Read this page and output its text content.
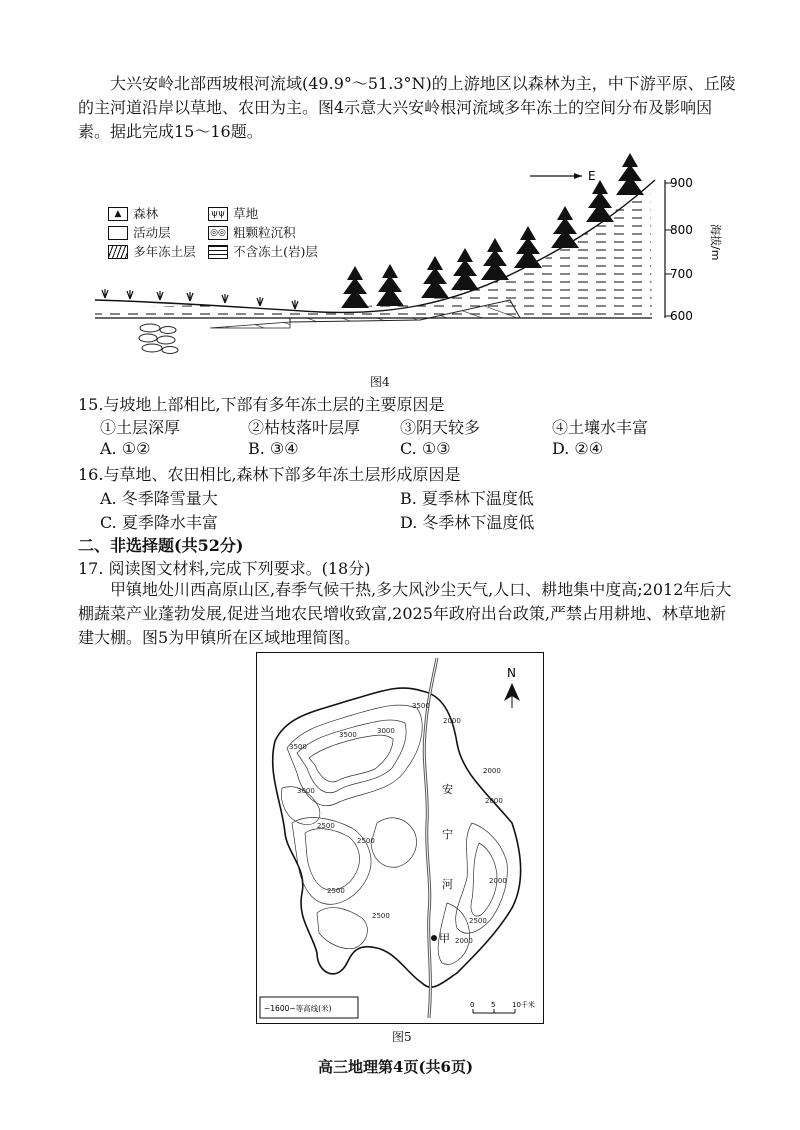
大兴安岭北部西坡根河流域(49.9°～51.3°N)的上游地区以森林为主，中下游平原、丘陵的主河道沿岸以草地、农田为主。图4示意大兴安岭根河流域多年冻土的空间分布及影响因素。据此完成15～16题。
E	900
800
700
600
海拔/m
▲ 森林	ψψ 草地
活动层	◎◎ 粗颗粒沉积
多年冻土层	不含冻土(岩)层
图4
15.与坡地上部相比,下部有多年冻土层的主要原因是
①土层深厚	②枯枝落叶层厚 ③阴天较多	④土壤水丰富
A. ①②	B. ③④	C. ①③	D. ②④
16.与草地、农田相比,森林下部多年冻土层形成原因是
A. 冬季降雪量大	B. 夏季林下温度低
C. 夏季降水丰富	D. 冬季林下温度低
二、非选择题(共52分)
17. 阅读图文材料,完成下列要求。(18分)
甲镇地处川西高原山区,春季气候干热,多大风沙尘天气,人口、耕地集中度高;2012年后大棚蔬菜产业蓬勃发展,促进当地农民增收致富,2025年政府出台政策,严禁占用耕地、林草地新建大棚。图5为甲镇所在区域地理简图。
安
宁
河
甲
3500
3500	3000
2000
3500
2500
2000
2500
2000
2500
2500
3000
2000
2500
2000
N
~1600~等高线(米)	0 5 10千米
图5
高三地理第4页(共6页)
